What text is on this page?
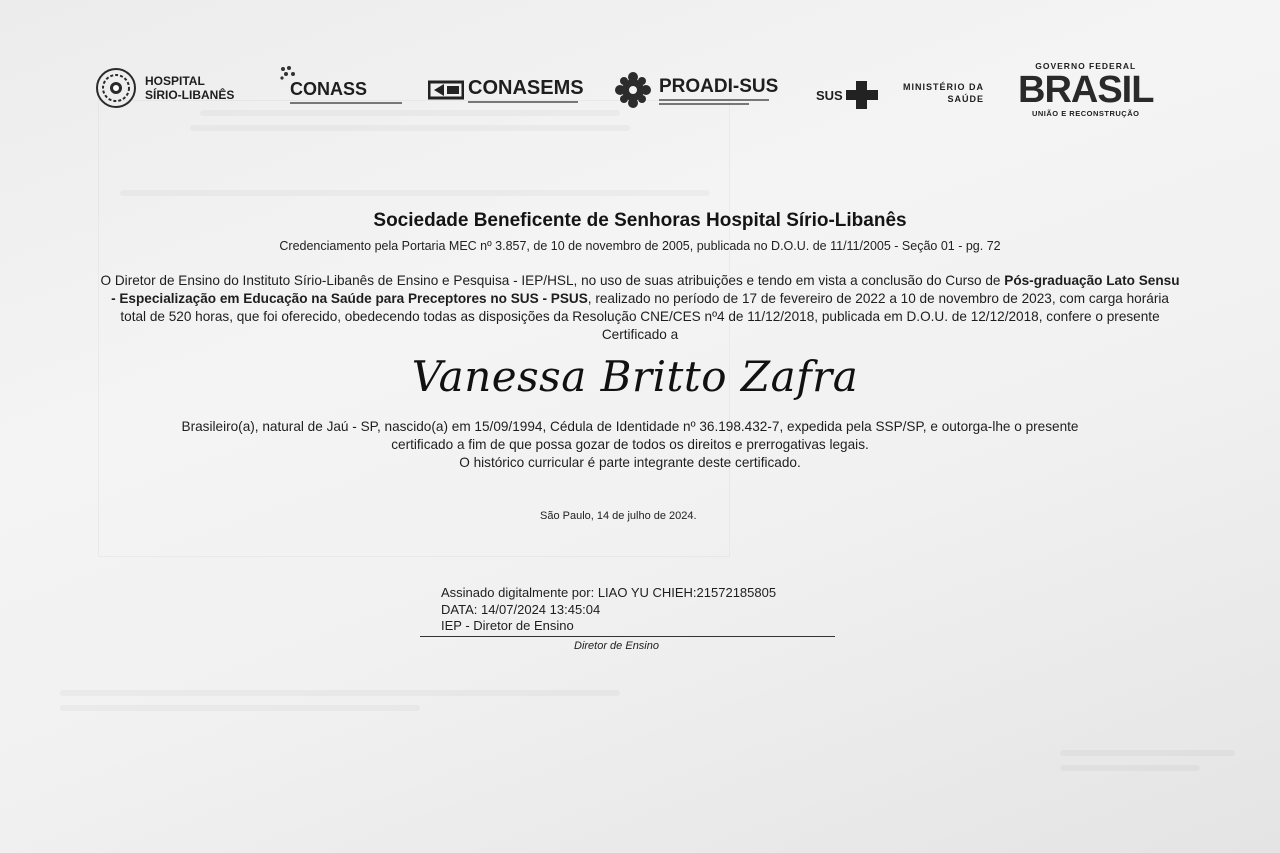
HOSPITAL
SÍRIO-LIBANÊS	CONASS	CONASEMS	PROADI-SUS	SUS
MINISTÉRIO DA
SAÚDE
GOVERNO FEDERAL
BRASIL
UNIÃO E RECONSTRUÇÃO
Sociedade Beneficente de Senhoras Hospital Sírio-Libanês
Credenciamento pela Portaria MEC nº 3.857, de 10 de novembro de 2005, publicada no D.O.U. de 11/11/2005 - Seção 01 - pg. 72
O Diretor de Ensino do Instituto Sírio-Libanês de Ensino e Pesquisa - IEP/HSL, no uso de suas atribuições e tendo em vista a conclusão do Curso de Pós-graduação Lato Sensu - Especialização em Educação na Saúde para Preceptores no SUS - PSUS, realizado no período de 17 de fevereiro de 2022 a 10 de novembro de 2023, com carga horária total de 520 horas, que foi oferecido, obedecendo todas as disposições da Resolução CNE/CES nº4 de 11/12/2018, publicada em D.O.U. de 12/12/2018, confere o presente Certificado a
Vanessa Britto Zafra
Brasileiro(a), natural de Jaú - SP, nascido(a) em 15/09/1994, Cédula de Identidade nº 36.198.432-7, expedida pela SSP/SP, e outorga-lhe o presente
certificado a fim de que possa gozar de todos os direitos e prerrogativas legais.
O histórico curricular é parte integrante deste certificado.
São Paulo, 14 de julho de 2024.
Assinado digitalmente por: LIAO YU CHIEH:21572185805
DATA: 14/07/2024 13:45:04
IEP - Diretor de Ensino
Diretor de Ensino
